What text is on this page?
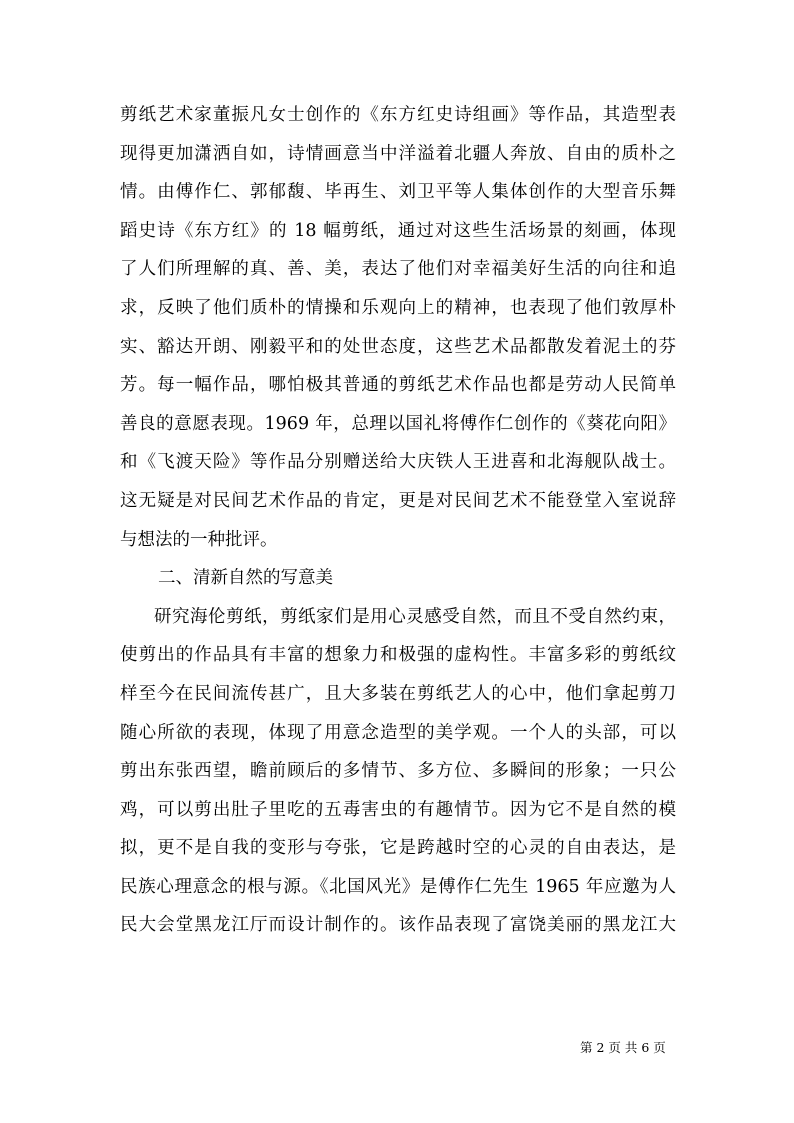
剪纸艺术家董振凡女士创作的《东方红史诗组画》等作品，其造型表
现得更加潇洒自如，诗情画意当中洋溢着北疆人奔放、自由的质朴之
情。由傅作仁、郭郁馥、毕再生、刘卫平等人集体创作的大型音乐舞
蹈史诗《东方红》的 18 幅剪纸，通过对这些生活场景的刻画，体现
了人们所理解的真、善、美，表达了他们对幸福美好生活的向往和追
求，反映了他们质朴的情操和乐观向上的精神，也表现了他们敦厚朴
实、豁达开朗、刚毅平和的处世态度，这些艺术品都散发着泥土的芬
芳。每一幅作品，哪怕极其普通的剪纸艺术作品也都是劳动人民简单
善良的意愿表现。1969 年，总理以国礼将傅作仁创作的《葵花向阳》
和《飞渡天险》等作品分别赠送给大庆铁人王进喜和北海舰队战士。
这无疑是对民间艺术作品的肯定，更是对民间艺术不能登堂入室说辞
与想法的一种批评。
二、清新自然的写意美
研究海伦剪纸，剪纸家们是用心灵感受自然，而且不受自然约束，
使剪出的作品具有丰富的想象力和极强的虚构性。丰富多彩的剪纸纹
样至今在民间流传甚广，且大多装在剪纸艺人的心中，他们拿起剪刀
随心所欲的表现，体现了用意念造型的美学观。一个人的头部，可以
剪出东张西望，瞻前顾后的多情节、多方位、多瞬间的形象；一只公
鸡，可以剪出肚子里吃的五毒害虫的有趣情节。因为它不是自然的模
拟，更不是自我的变形与夸张，它是跨越时空的心灵的自由表达，是
民族心理意念的根与源。《北国风光》是傅作仁先生 1965 年应邀为人
民大会堂黑龙江厅而设计制作的。该作品表现了富饶美丽的黑龙江大
第 2 页 共 6 页
